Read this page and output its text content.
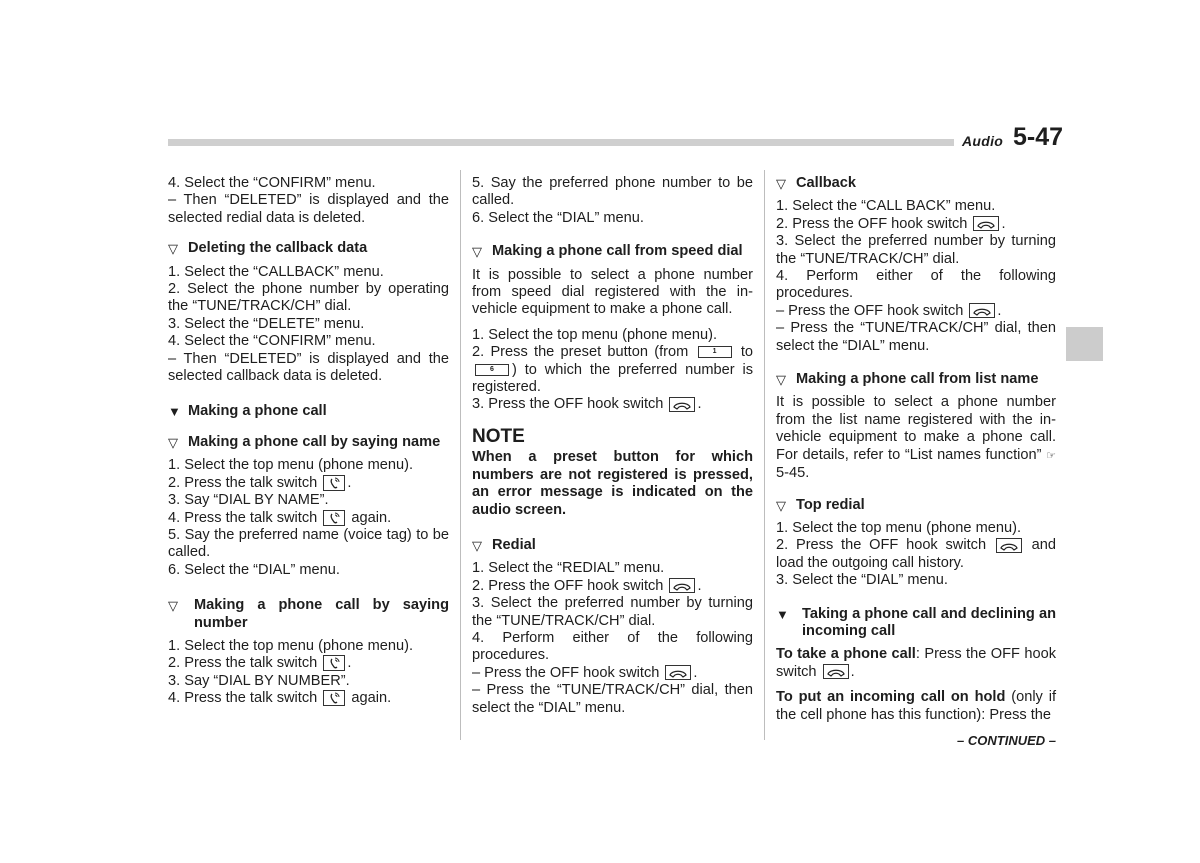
Audio 5-47

4. Select the “CONFIRM” menu.

– Then “DELETED” is displayed and the selected redial data is deleted.

▽ Deleting the callback data

1. Select the “CALLBACK” menu.

2. Select the phone number by operating the “TUNE/TRACK/CH” dial.

3. Select the “DELETE” menu.

4. Select the “CONFIRM” menu.

– Then “DELETED” is displayed and the selected callback data is deleted.

▼ Making a phone call
▽ Making a phone call by saying name

1. Select the top menu (phone menu).

2. Press the talk switch .

3. Say “DIAL BY NAME”.

4. Press the talk switch
again.

5. Say the preferred name (voice tag) to be called.

6. Select the “DIAL” menu.

▽	Making a phone call by saying number

1. Select the top menu (phone menu).

2. Press the talk switch .

3. Say “DIAL BY NUMBER”.

4. Press the talk switch
again.

5. Say the preferred phone number to be called.

6. Select the “DIAL” menu.

▽ Making a phone call from speed dial

It is possible to select a phone number from speed dial registered with the in-vehicle equipment to make a phone call.

1. Select the top menu (phone menu).

2. Press the preset button (from	1 to 6 ) to which the preferred number is registered.

3. Press the OFF hook switch .

NOTE

When a preset button for which numbers are not registered is pressed, an error message is indicated on the audio screen.

▽ Redial

1. Select the “REDIAL” menu.

2. Press the OFF hook switch .

3. Select the preferred number by turning the “TUNE/TRACK/CH” dial.

4. Perform either of the following procedures.

– Press the OFF hook switch .

– Press the “TUNE/TRACK/CH” dial, then select the “DIAL” menu.

▽ Callback

1. Select the “CALL BACK” menu.

2. Press the OFF hook switch .

3. Select the preferred number by turning the “TUNE/TRACK/CH” dial.

4. Perform either of the following procedures.

– Press the OFF hook switch .

– Press the “TUNE/TRACK/CH” dial, then select the “DIAL” menu.

▽ Making a phone call from list name

It is possible to select a phone number from the list name registered with the in-vehicle equipment to make a phone call. For details, refer to “List names function” ☞5-45.

▽ Top redial

1. Select the top menu (phone menu).

2. Press the OFF hook switch	and load the outgoing call history.

3. Select the “DIAL” menu.

▼ Taking a phone call and declining an incoming call

To take a phone call: Press the OFF hook switch .

To put an incoming call on hold (only if the cell phone has this function): Press the

– CONTINUED –
